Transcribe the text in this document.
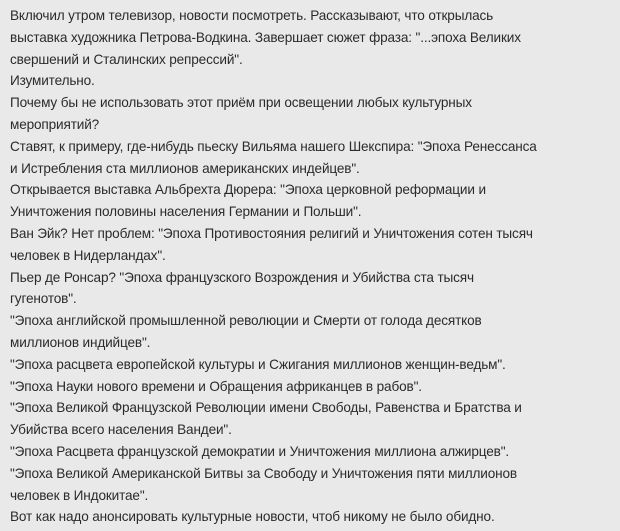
Включил утром телевизор, новости посмотреть. Рассказывают, что открылась
выставка художника Петрова-Водкина. Завершает сюжет фраза: "...эпоха Великих
свершений и Сталинских репрессий".
Изумительно.
Почему бы не использовать этот приём при освещении любых культурных
мероприятий?
Ставят, к примеру, где-нибудь пьеску Вильяма нашего Шекспира: "Эпоха Ренессанса
и Истребления ста миллионов американских индейцев".
Открывается выставка Альбрехта Дюрера: "Эпоха церковной реформации и
Уничтожения половины населения Германии и Польши".
Ван Эйк? Нет проблем: "Эпоха Противостояния религий и Уничтожения сотен тысяч
человек в Нидерландах".
Пьер де Ронсар? "Эпоха французского Возрождения и Убийства ста тысяч
гугенотов".
"Эпоха английской промышленной революции и Смерти от голода десятков
миллионов индийцев".
"Эпоха расцвета европейской культуры и Сжигания миллионов женщин-ведьм".
"Эпоха Науки нового времени и Обращения африканцев в рабов".
"Эпоха Великой Французской Революции имени Свободы, Равенства и Братства и
Убийства всего населения Вандеи".
"Эпоха Расцвета французской демократии и Уничтожения миллиона алжирцев".
"Эпоха Великой Американской Битвы за Свободу и Уничтожения пяти миллионов
человек в Индокитае".
Вот как надо анонсировать культурные новости, чтоб никому не было обидно.
